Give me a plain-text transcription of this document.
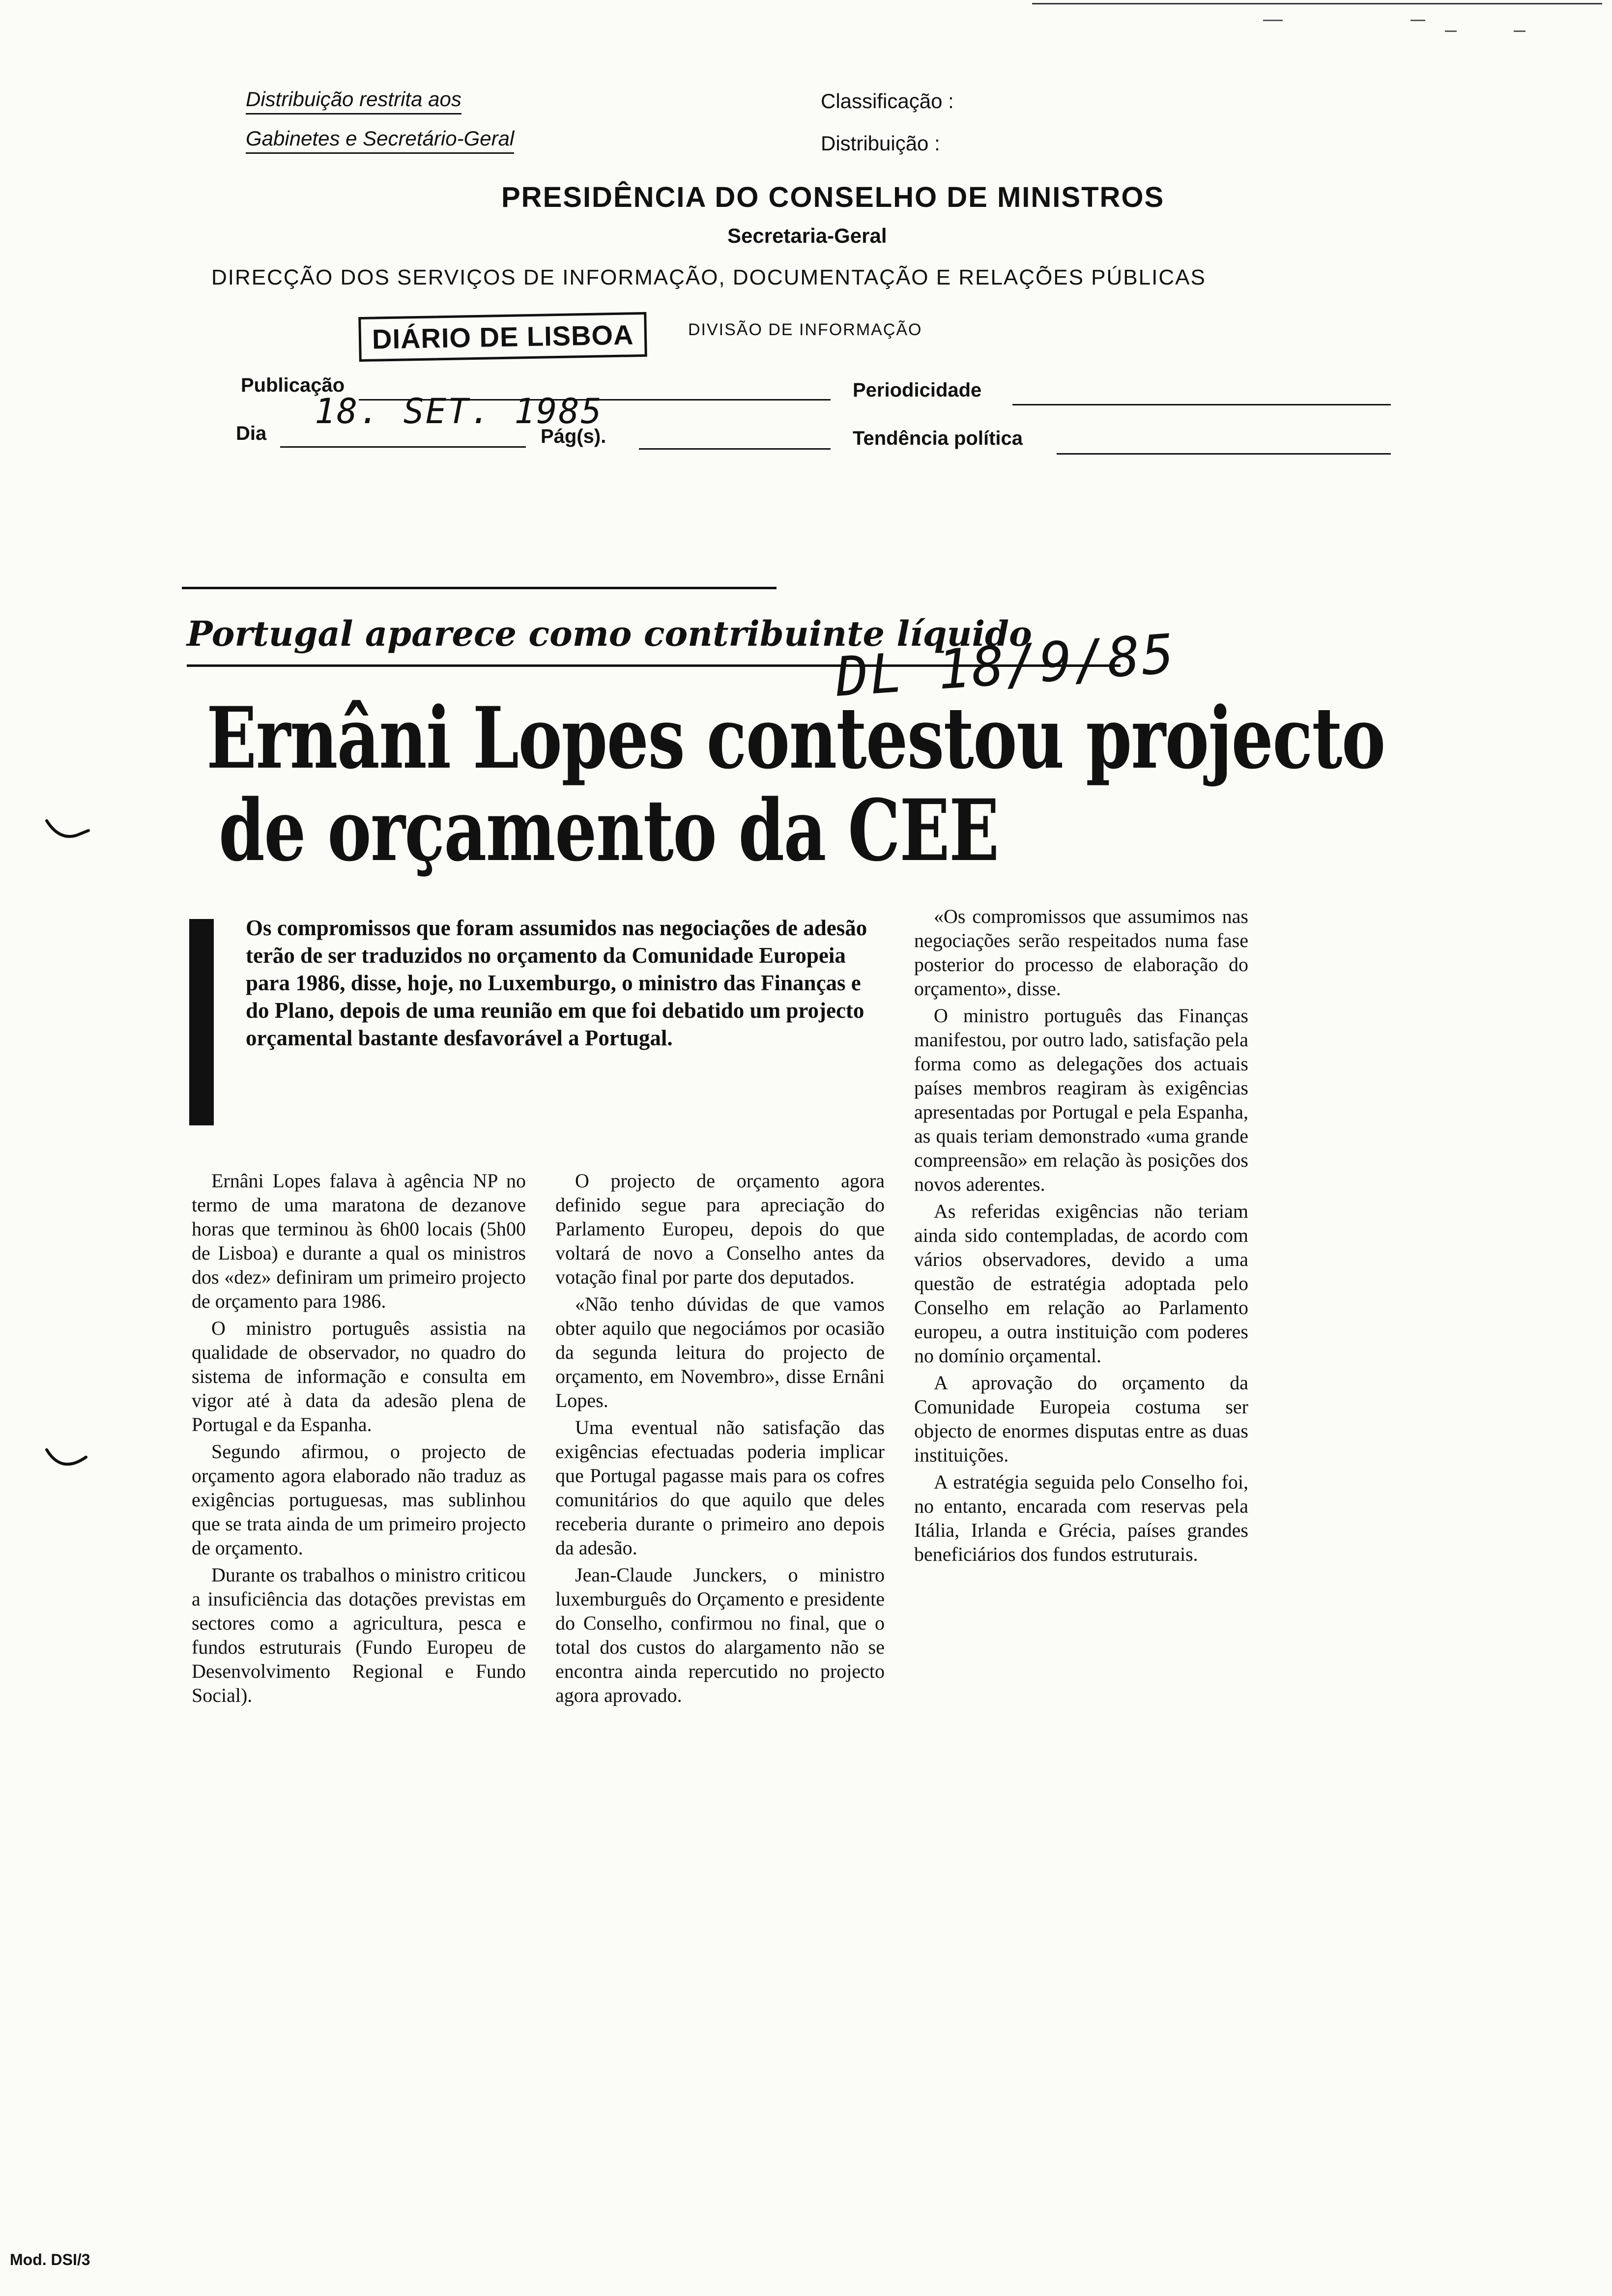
Distribuição restrita aos
Gabinetes e Secretário-Geral
Classificação :
Distribuição :
PRESIDÊNCIA DO CONSELHO DE MINISTROS
Secretaria-Geral
DIRECÇÃO DOS SERVIÇOS DE INFORMAÇÃO, DOCUMENTAÇÃO E RELAÇÕES PÚBLICAS
DIÁRIO DE LISBOA	DIVISÃO DE INFORMAÇÃO
Publicação	Periodicidade
Dia
18. SET. 1985
Pág(s).	Tendência política
Portugal aparece como contribuinte líquido
DL 18/9/85
Ernâni Lopes contestou projecto
de orçamento da CEE
Os compromissos que foram assumidos nas negociações de adesão terão de ser traduzidos no orçamento da Comunidade Europeia para 1986, disse, hoje, no Luxemburgo, o ministro das Finanças e do Plano, depois de uma reunião em que foi debatido um projecto orçamental bastante desfavorável a Portugal.

Ernâni Lopes falava à agência NP no termo de uma maratona de dezanove horas que terminou às 6h00 locais (5h00 de Lisboa) e durante a qual os ministros dos «dez» definiram um primeiro projecto de orçamento para 1986.

O ministro português assistia na qualidade de observador, no quadro do sistema de informação e consulta em vigor até à data da adesão plena de Portugal e da Espanha.

Segundo afirmou, o projecto de orçamento agora elaborado não traduz as exigências portuguesas, mas sublinhou que se trata ainda de um primeiro projecto de orçamento.

Durante os trabalhos o ministro criticou a insuficiência das dotações previstas em sectores como a agricultura, pesca e fundos estruturais (Fundo Europeu de Desenvolvimento Regional e Fundo Social).

O projecto de orçamento agora definido segue para apreciação do Parlamento Europeu, depois do que voltará de novo a Conselho antes da votação final por parte dos deputados.

«Não tenho dúvidas de que vamos obter aquilo que negociámos por ocasião da segunda leitura do projecto de orçamento, em Novembro», disse Ernâni Lopes.

Uma eventual não satisfação das exigências efectuadas poderia implicar que Portugal pagasse mais para os cofres comunitários do que aquilo que deles receberia durante o primeiro ano depois da adesão.

Jean-Claude Junckers, o ministro luxemburguês do Orçamento e presidente do Conselho, confirmou no final, que o total dos custos do alargamento não se encontra ainda repercutido no projecto agora aprovado.

«Os compromissos que assumimos nas negociações serão respeitados numa fase posterior do processo de elaboração do orçamento», disse.

O ministro português das Finanças manifestou, por outro lado, satisfação pela forma como as delegações dos actuais países membros reagiram às exigências apresentadas por Portugal e pela Espanha, as quais teriam demonstrado «uma grande compreensão» em relação às posições dos novos aderentes.

As referidas exigências não teriam ainda sido contempladas, de acordo com vários observadores, devido a uma questão de estratégia adoptada pelo Conselho em relação ao Parlamento europeu, a outra instituição com poderes no domínio orçamental.

A aprovação do orçamento da Comunidade Europeia costuma ser objecto de enormes disputas entre as duas instituições.

A estratégia seguida pelo Conselho foi, no entanto, encarada com reservas pela Itália, Irlanda e Grécia, países grandes beneficiários dos fundos estruturais.

Mod. DSI/3
